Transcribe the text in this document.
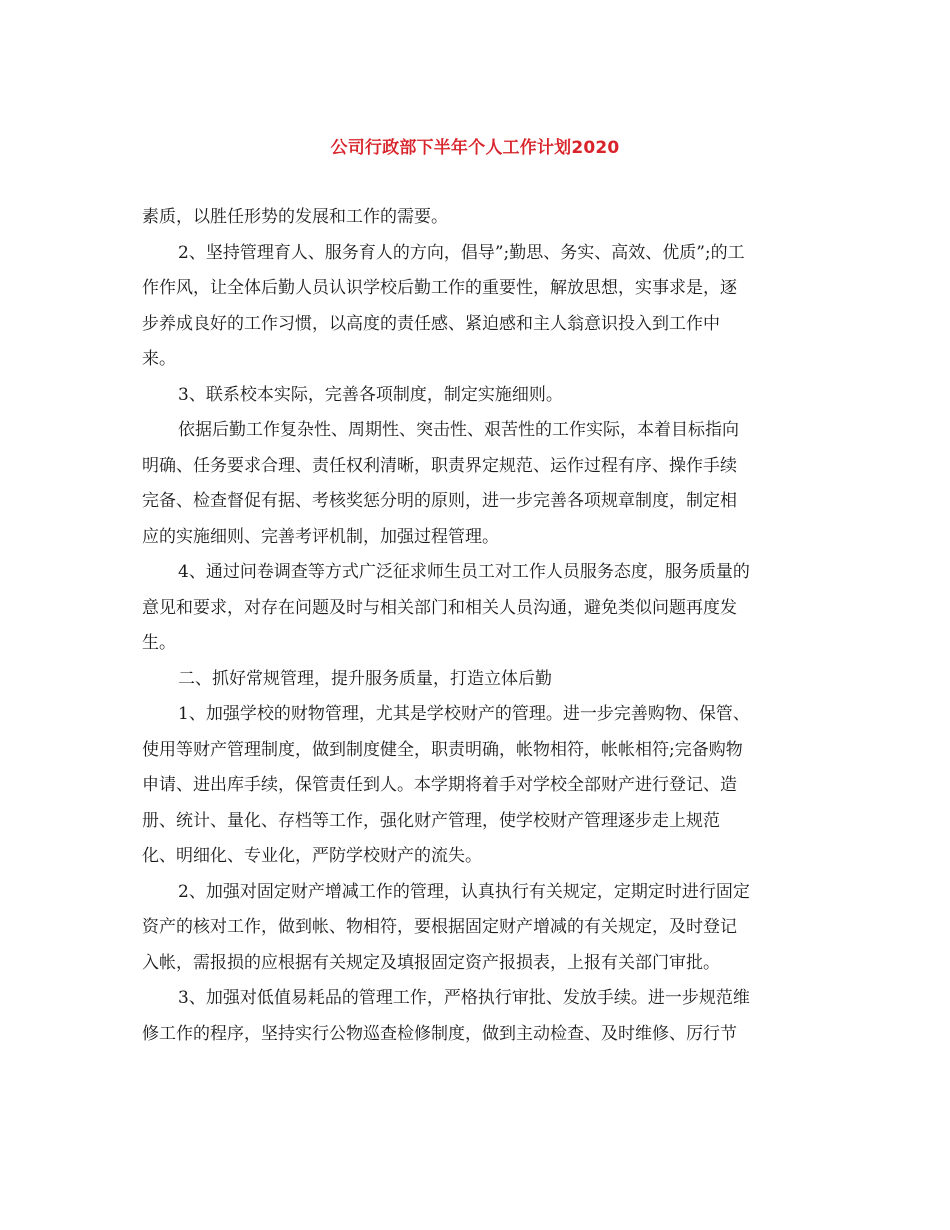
公司行政部下半年个人工作计划2020
素质，以胜任形势的发展和工作的需要。
2、坚持管理育人、服务育人的方向，倡导”;勤思、务实、高效、优质”;的工
作作风，让全体后勤人员认识学校后勤工作的重要性，解放思想，实事求是，逐
步养成良好的工作习惯，以高度的责任感、紧迫感和主人翁意识投入到工作中
来。
3、联系校本实际，完善各项制度，制定实施细则。
依据后勤工作复杂性、周期性、突击性、艰苦性的工作实际，本着目标指向
明确、任务要求合理、责任权利清晰，职责界定规范、运作过程有序、操作手续
完备、检查督促有据、考核奖惩分明的原则，进一步完善各项规章制度，制定相
应的实施细则、完善考评机制，加强过程管理。
4、通过问卷调查等方式广泛征求师生员工对工作人员服务态度，服务质量的
意见和要求，对存在问题及时与相关部门和相关人员沟通，避免类似问题再度发
生。
二、抓好常规管理，提升服务质量，打造立体后勤
1、加强学校的财物管理，尤其是学校财产的管理。进一步完善购物、保管、
使用等财产管理制度，做到制度健全，职责明确，帐物相符，帐帐相符;完备购物
申请、进出库手续，保管责任到人。本学期将着手对学校全部财产进行登记、造
册、统计、量化、存档等工作，强化财产管理，使学校财产管理逐步走上规范
化、明细化、专业化，严防学校财产的流失。
2、加强对固定财产增减工作的管理，认真执行有关规定，定期定时进行固定
资产的核对工作，做到帐、物相符，要根据固定财产增减的有关规定，及时登记
入帐，需报损的应根据有关规定及填报固定资产报损表，上报有关部门审批。
3、加强对低值易耗品的管理工作，严格执行审批、发放手续。进一步规范维
修工作的程序，坚持实行公物巡查检修制度，做到主动检查、及时维修、厉行节
